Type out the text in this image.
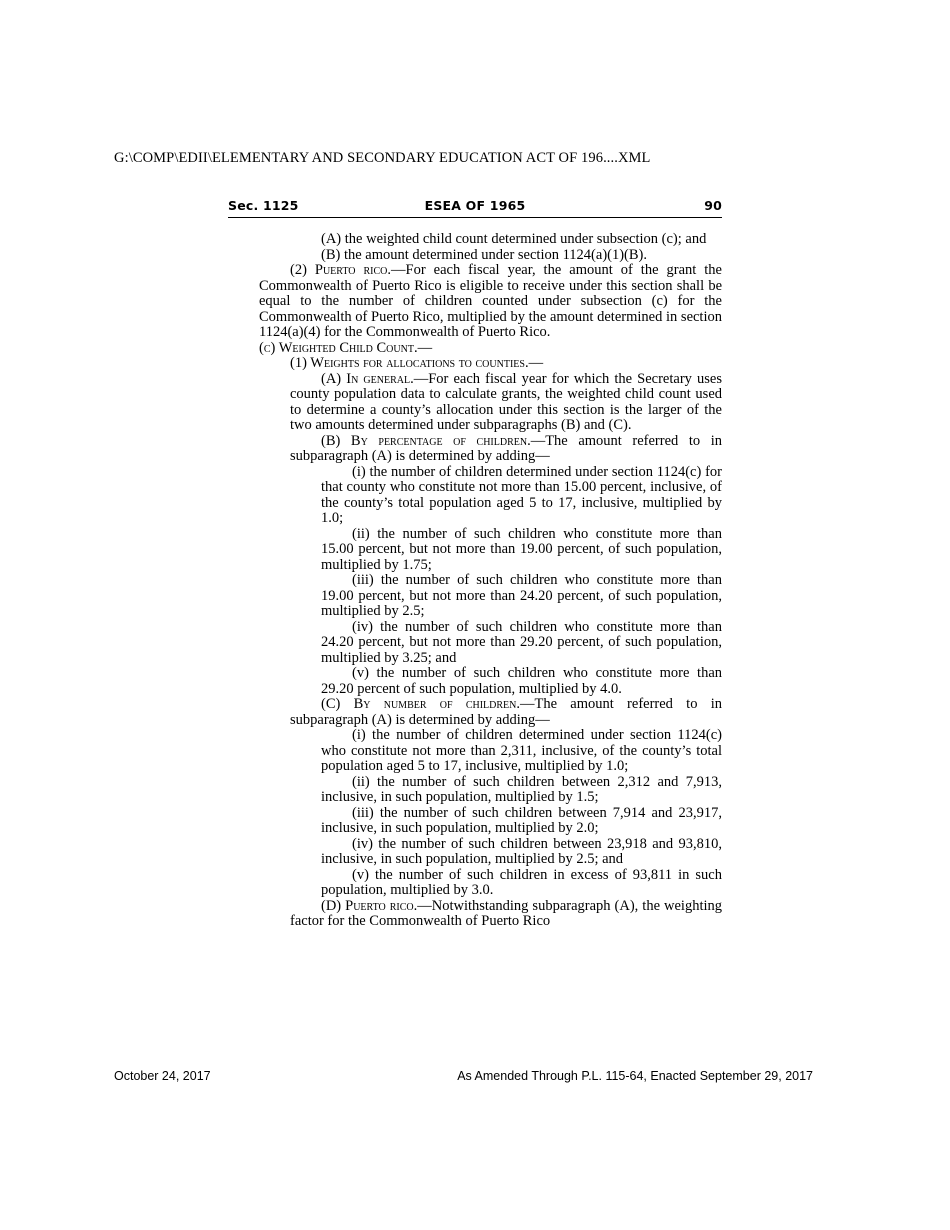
G:\COMP\EDII\ELEMENTARY AND SECONDARY EDUCATION ACT OF 196....XML
Sec. 1125	ESEA OF 1965	90
(A) the weighted child count determined under subsection (c); and
(B) the amount determined under section 1124(a)(1)(B).
(2) Puerto rico.—For each fiscal year, the amount of the grant the Commonwealth of Puerto Rico is eligible to receive under this section shall be equal to the number of children counted under subsection (c) for the Commonwealth of Puerto Rico, multiplied by the amount determined in section 1124(a)(4) for the Commonwealth of Puerto Rico.
(c) Weighted Child Count.—
(1) Weights for allocations to counties.—
(A) In general.—For each fiscal year for which the Secretary uses county population data to calculate grants, the weighted child count used to determine a county’s allocation under this section is the larger of the two amounts determined under subparagraphs (B) and (C).
(B) By percentage of children.—The amount referred to in subparagraph (A) is determined by adding—
(i) the number of children determined under section 1124(c) for that county who constitute not more than 15.00 percent, inclusive, of the county’s total population aged 5 to 17, inclusive, multiplied by 1.0;
(ii) the number of such children who constitute more than 15.00 percent, but not more than 19.00 percent, of such population, multiplied by 1.75;
(iii) the number of such children who constitute more than 19.00 percent, but not more than 24.20 percent, of such population, multiplied by 2.5;
(iv) the number of such children who constitute more than 24.20 percent, but not more than 29.20 percent, of such population, multiplied by 3.25; and
(v) the number of such children who constitute more than 29.20 percent of such population, multiplied by 4.0.
(C) By number of children.—The amount referred to in subparagraph (A) is determined by adding—
(i) the number of children determined under section 1124(c) who constitute not more than 2,311, inclusive, of the county’s total population aged 5 to 17, inclusive, multiplied by 1.0;
(ii) the number of such children between 2,312 and 7,913, inclusive, in such population, multiplied by 1.5;
(iii) the number of such children between 7,914 and 23,917, inclusive, in such population, multiplied by 2.0;
(iv) the number of such children between 23,918 and 93,810, inclusive, in such population, multiplied by 2.5; and
(v) the number of such children in excess of 93,811 in such population, multiplied by 3.0.
(D) Puerto rico.—Notwithstanding subparagraph (A), the weighting factor for the Commonwealth of Puerto Rico
October 24, 2017	As Amended Through P.L. 115-64, Enacted September 29, 2017
